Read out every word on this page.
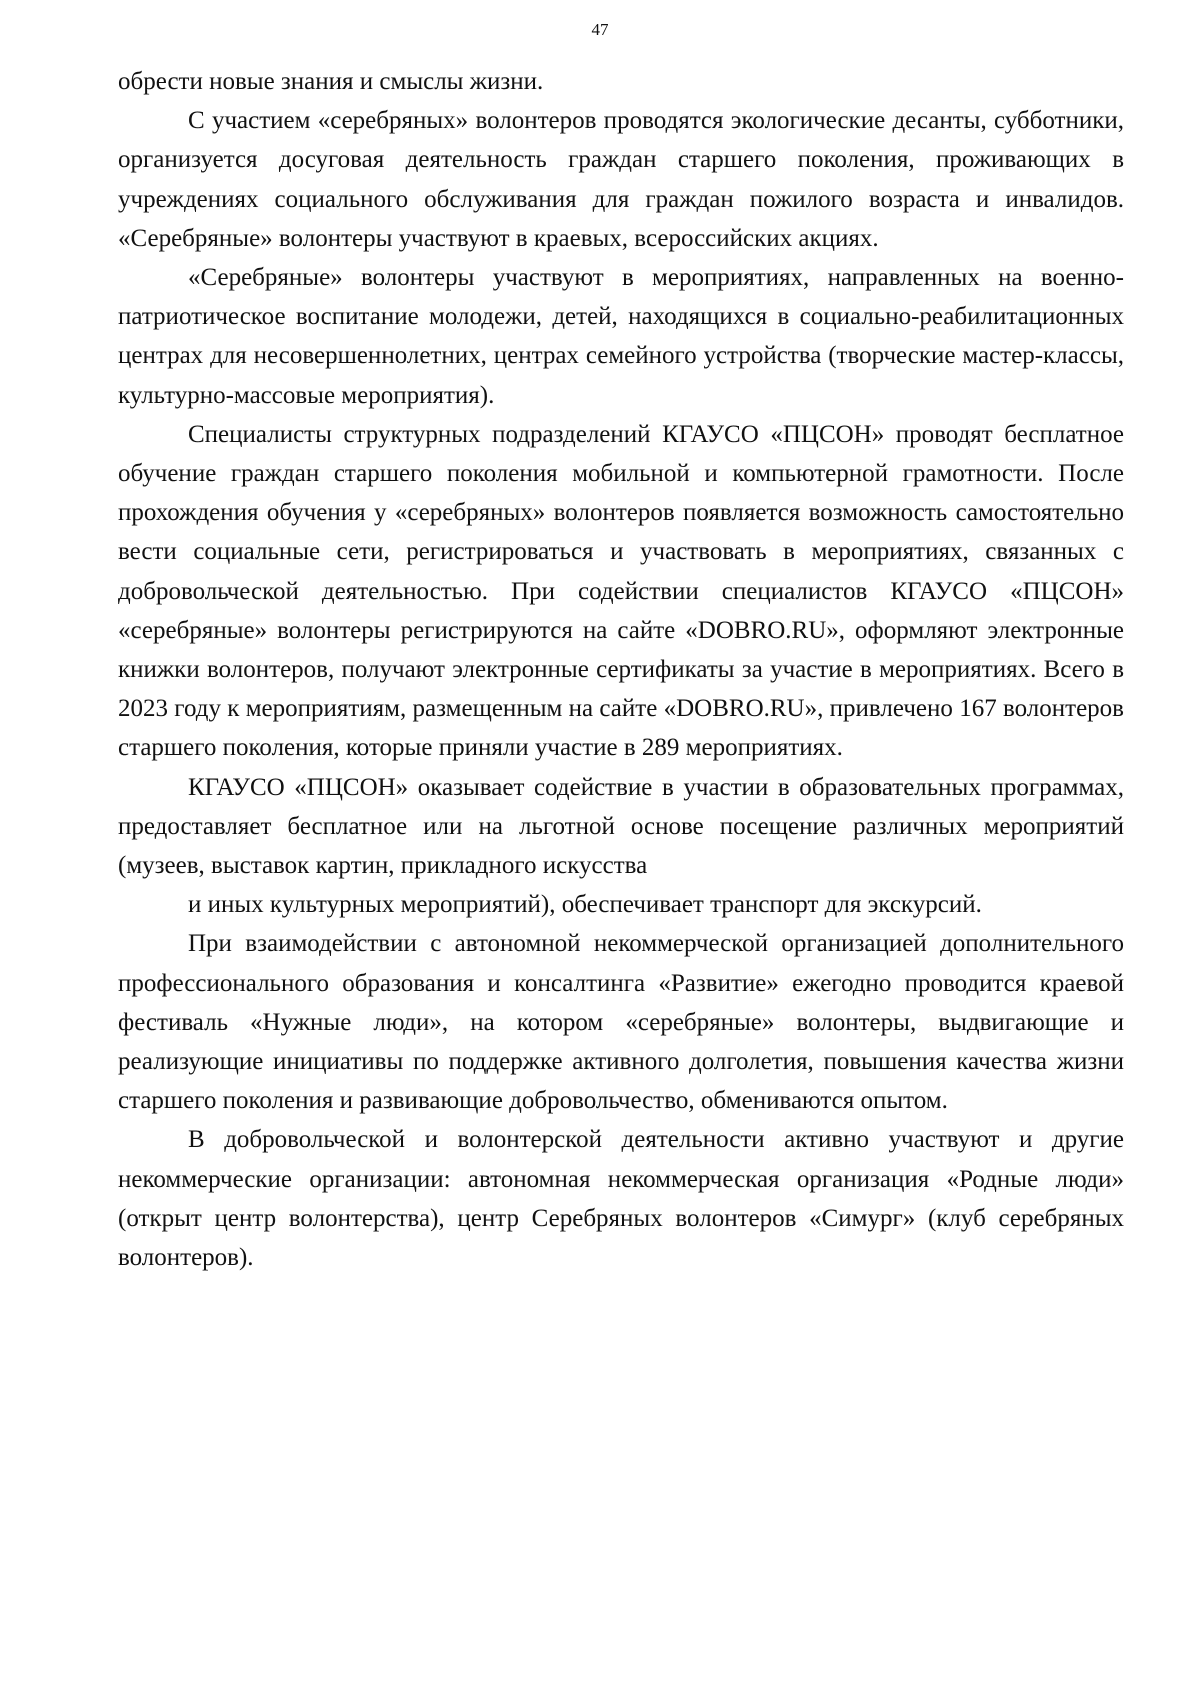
47

обрести новые знания и смыслы жизни.

С участием «серебряных» волонтеров проводятся экологические десанты, субботники, организуется досуговая деятельность граждан старшего поколения, проживающих в учреждениях социального обслуживания для граждан пожилого возраста и инвалидов. «Серебряные» волонтеры участвуют в краевых, всероссийских акциях.

«Серебряные» волонтеры участвуют в мероприятиях, направленных на военно-патриотическое воспитание молодежи, детей, находящихся в социально-реабилитационных центрах для несовершеннолетних, центрах семейного устройства (творческие мастер-классы, культурно-массовые мероприятия).

Специалисты структурных подразделений КГАУСО «ПЦСОН» проводят бесплатное обучение граждан старшего поколения мобильной и компьютерной грамотности. После прохождения обучения у «серебряных» волонтеров появляется возможность самостоятельно вести социальные сети, регистрироваться и участвовать в мероприятиях, связанных с добровольческой деятельностью. При содействии специалистов КГАУСО «ПЦСОН» «серебряные» волонтеры регистрируются на сайте «DOBRO.RU», оформляют электронные книжки волонтеров, получают электронные сертификаты за участие в мероприятиях. Всего в 2023 году к мероприятиям, размещенным на сайте «DOBRO.RU», привлечено 167 волонтеров старшего поколения, которые приняли участие в 289 мероприятиях.

КГАУСО «ПЦСОН» оказывает содействие в участии в образовательных программах, предоставляет бесплатное или на льготной основе посещение различных мероприятий (музеев, выставок картин, прикладного искусства

и иных культурных мероприятий), обеспечивает транспорт для экскурсий.

При взаимодействии с автономной некоммерческой организацией дополнительного профессионального образования и консалтинга «Развитие» ежегодно проводится краевой фестиваль «Нужные люди», на котором «серебряные» волонтеры, выдвигающие и реализующие инициативы по поддержке активного долголетия, повышения качества жизни старшего поколения и развивающие добровольчество, обмениваются опытом.

В добровольческой и волонтерской деятельности активно участвуют и другие некоммерческие организации: автономная некоммерческая организация «Родные люди» (открыт центр волонтерства), центр Серебряных волонтеров «Симург» (клуб серебряных волонтеров).
